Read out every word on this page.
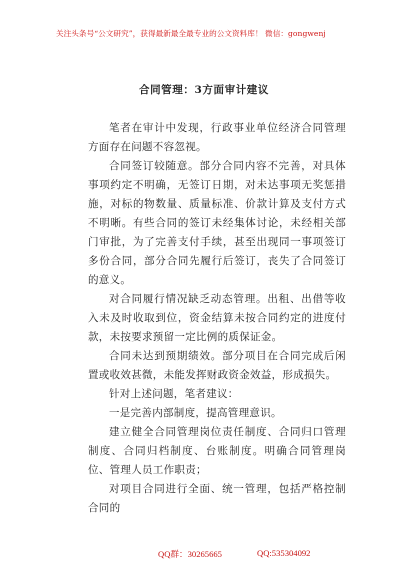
关注头条号“公文研究”，获得最新最全最专业的公文资料库！ 微信：gongwenj
合同管理：3方面审计建议

笔者在审计中发现，行政事业单位经济合同管理方面存在问题不容忽视。

合同签订较随意。部分合同内容不完善，对具体事项约定不明确，无签订日期，对未达事项无奖惩措施，对标的物数量、质量标准、价款计算及支付方式不明晰。有些合同的签订未经集体讨论，未经相关部门审批，为了完善支付手续，甚至出现同一事项签订多份合同，部分合同先履行后签订，丧失了合同签订的意义。

对合同履行情况缺乏动态管理。出租、出借等收入未及时收取到位，资金结算未按合同约定的进度付款，未按要求预留一定比例的质保证金。

合同未达到预期绩效。部分项目在合同完成后闲置或收效甚微，未能发挥财政资金效益，形成损失。

针对上述问题，笔者建议：

一是完善内部制度，提高管理意识。

建立健全合同管理岗位责任制度、合同归口管理制度、合同归档制度、台账制度。明确合同管理岗位、管理人员工作职责；

对项目合同进行全面、统一管理，包括严格控制合同的

QQ群：30265665	QQ:535304092
